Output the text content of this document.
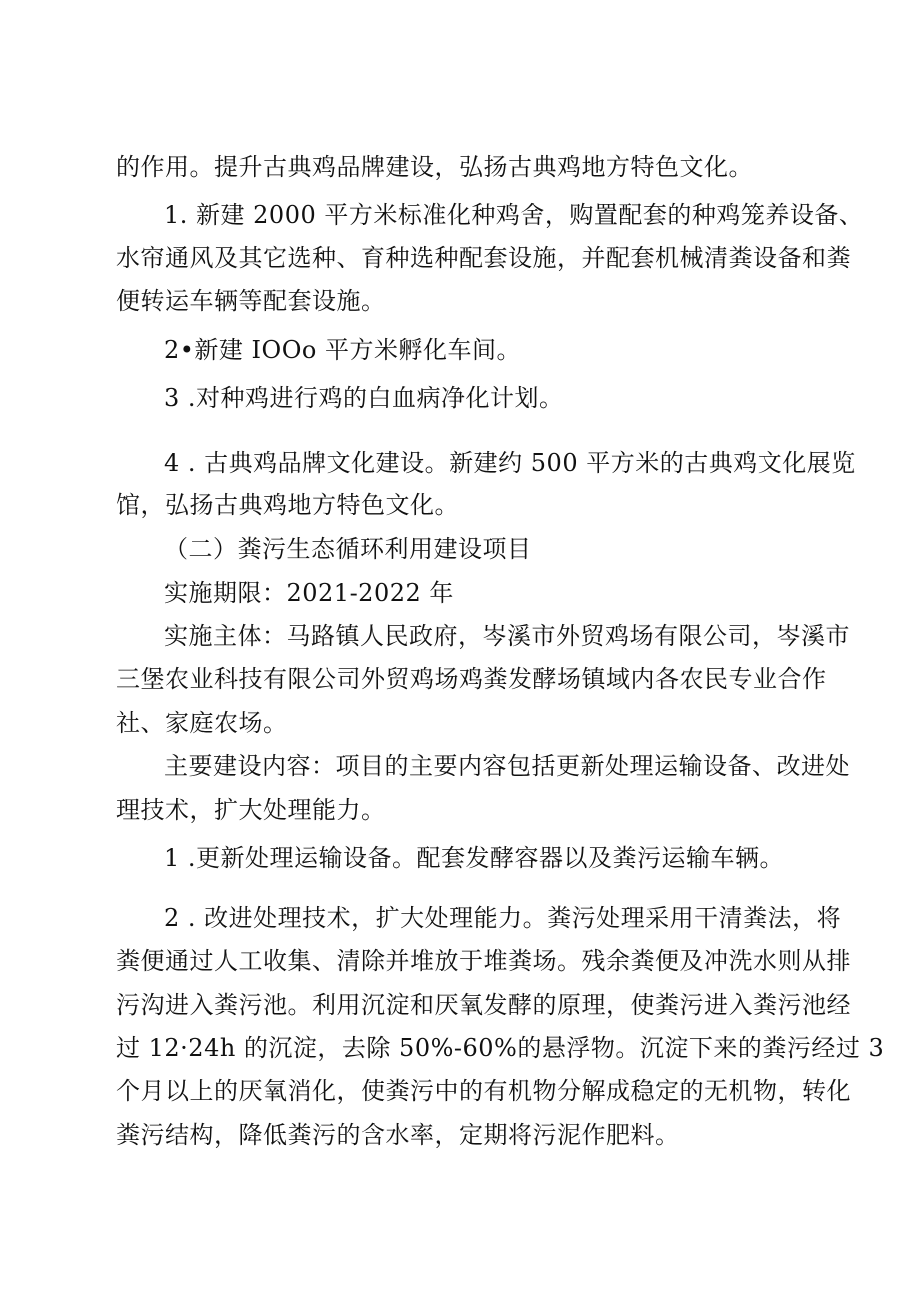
的作用。提升古典鸡品牌建设，弘扬古典鸡地方特色文化。
1. 新建 2000 平方米标准化种鸡舍，购置配套的种鸡笼养设备、
水帘通风及其它选种、育种选种配套设施，并配套机械清粪设备和粪
便转运车辆等配套设施。
2•新建 IOOo 平方米孵化车间。
3 .对种鸡进行鸡的白血病净化计划。
4 . 古典鸡品牌文化建设。新建约 500 平方米的古典鸡文化展览
馆，弘扬古典鸡地方特色文化。
（二）粪污生态循环利用建设项目
实施期限：2021-2022 年
实施主体：马路镇人民政府，岑溪市外贸鸡场有限公司，岑溪市
三堡农业科技有限公司外贸鸡场鸡粪发酵场镇域内各农民专业合作
社、家庭农场。
主要建设内容：项目的主要内容包括更新处理运输设备、改进处
理技术，扩大处理能力。
1 .更新处理运输设备。配套发酵容器以及粪污运输车辆。
2 . 改进处理技术，扩大处理能力。粪污处理采用干清粪法，将
粪便通过人工收集、清除并堆放于堆粪场。残余粪便及冲洗水则从排
污沟进入粪污池。利用沉淀和厌氧发酵的原理，使粪污进入粪污池经
过 12·24h 的沉淀，去除 50%-60%的悬浮物。沉淀下来的粪污经过 3
个月以上的厌氧消化，使粪污中的有机物分解成稳定的无机物，转化
粪污结构，降低粪污的含水率，定期将污泥作肥料。
